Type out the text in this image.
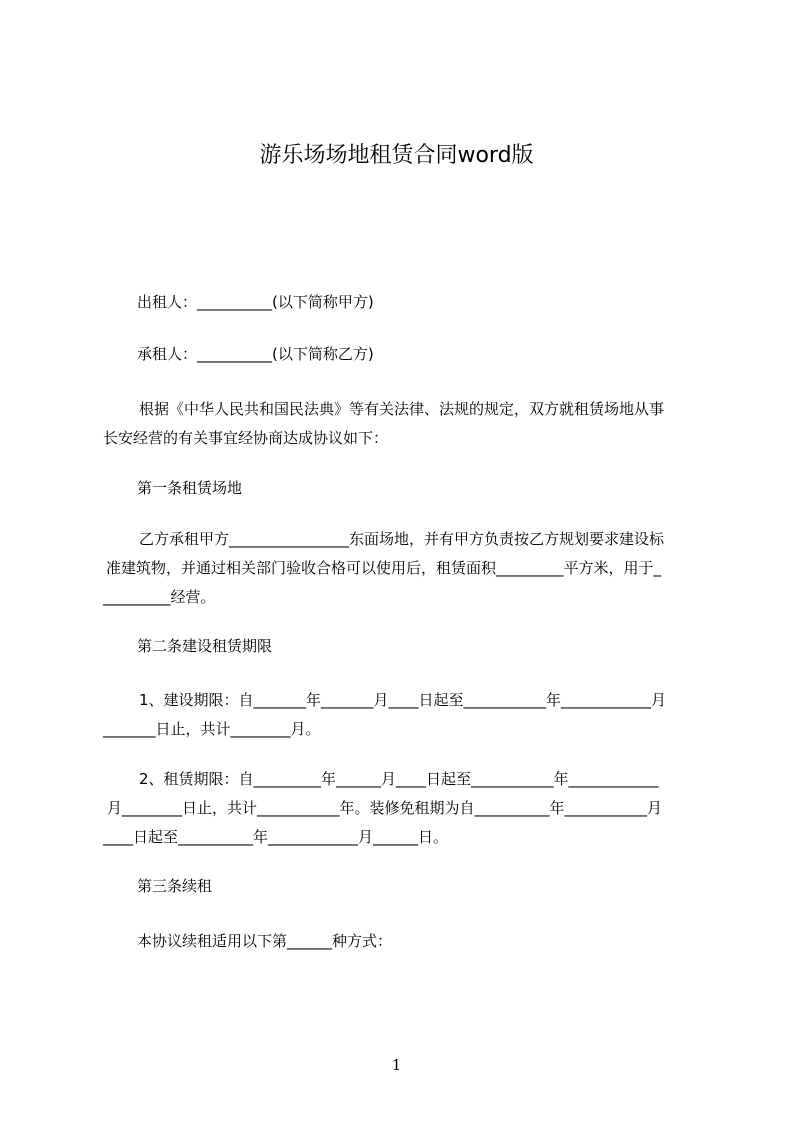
游乐场场地租赁合同word版
出租人：__________(以下简称甲方)
承租人：__________(以下简称乙方)
根据《中华人民共和国民法典》等有关法律、法规的规定，双方就租赁场地从事
长安经营的有关事宜经协商达成协议如下：
第一条租赁场地
乙方承租甲方________________东面场地，并有甲方负责按乙方规划要求建设标
准建筑物，并通过相关部门验收合格可以使用后，租赁面积_________平方米，用于_
_________经营。
第二条建设租赁期限
1、建设期限：自_______年_______月____日起至___________年____________月
_______日止，共计________月。
2、租赁期限：自_________年______月____日起至___________年____________
月________日止，共计___________年。装修免租期为自__________年___________月
____日起至__________年____________月______日。
第三条续租
本协议续租适用以下第______种方式：
1
